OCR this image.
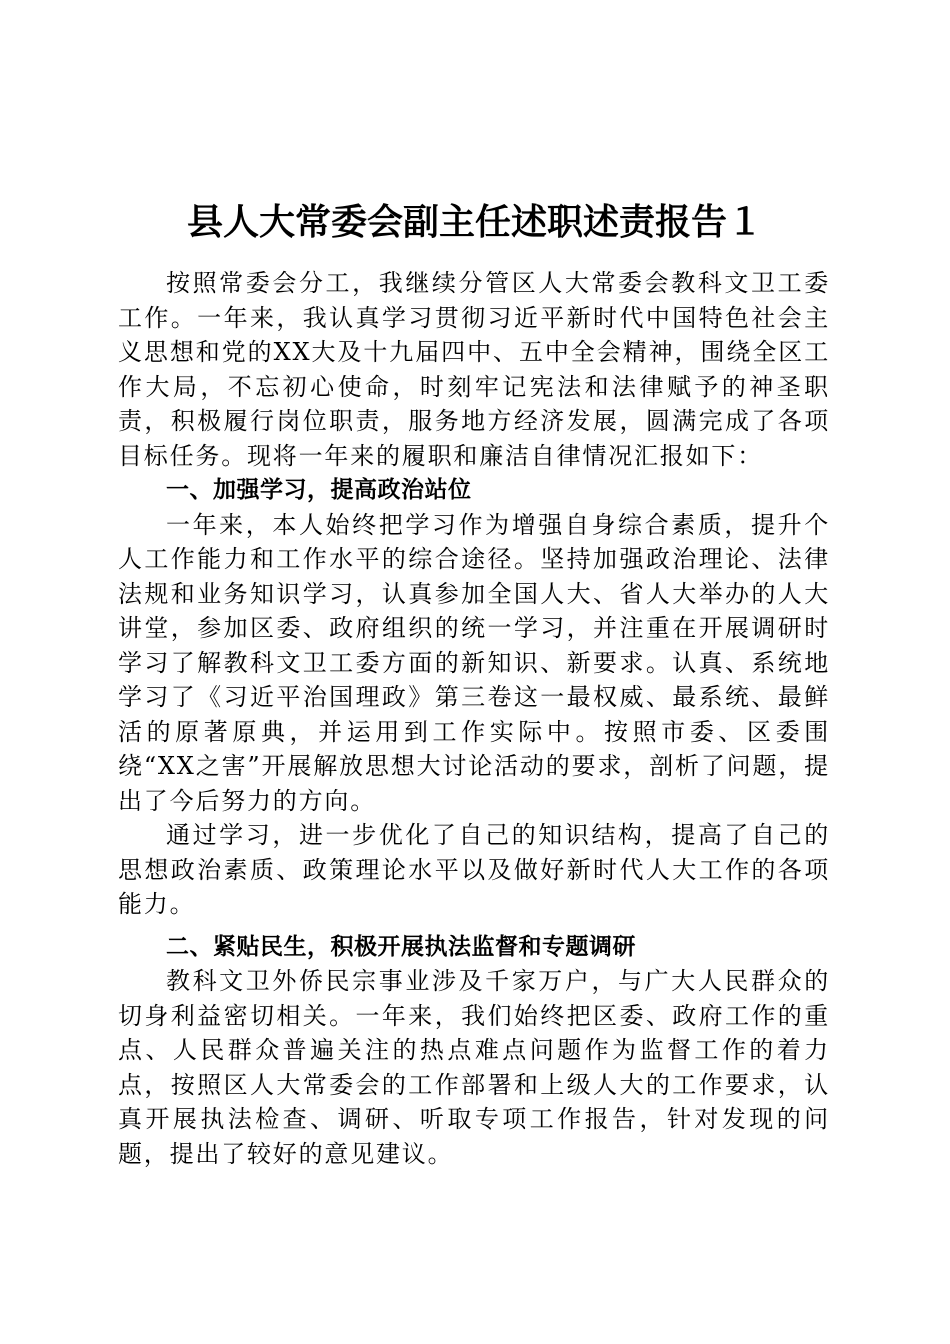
县人大常委会副主任述职述责报告１

按照常委会分工，我继续分管区人大常委会教科文卫工委工作。一年来，我认真学习贯彻习近平新时代中国特色社会主义思想和党的XX大及十九届四中、五中全会精神，围绕全区工作大局，不忘初心使命，时刻牢记宪法和法律赋予的神圣职责，积极履行岗位职责，服务地方经济发展，圆满完成了各项目标任务。现将一年来的履职和廉洁自律情况汇报如下：

一、加强学习，提高政治站位

一年来，本人始终把学习作为增强自身综合素质，提升个人工作能力和工作水平的综合途径。坚持加强政治理论、法律法规和业务知识学习，认真参加全国人大、省人大举办的人大讲堂，参加区委、政府组织的统一学习，并注重在开展调研时学习了解教科文卫工委方面的新知识、新要求。认真、系统地学习了《习近平治国理政》第三卷这一最权威、最系统、最鲜活的原著原典，并运用到工作实际中。按照市委、区委围绕“XX之害”开展解放思想大讨论活动的要求，剖析了问题，提出了今后努力的方向。

通过学习，进一步优化了自己的知识结构，提高了自己的思想政治素质、政策理论水平以及做好新时代人大工作的各项能力。

二、紧贴民生，积极开展执法监督和专题调研

教科文卫外侨民宗事业涉及千家万户，与广大人民群众的切身利益密切相关。一年来，我们始终把区委、政府工作的重点、人民群众普遍关注的热点难点问题作为监督工作的着力点，按照区人大常委会的工作部署和上级人大的工作要求，认真开展执法检查、调研、听取专项工作报告，针对发现的问题，提出了较好的意见建议。
